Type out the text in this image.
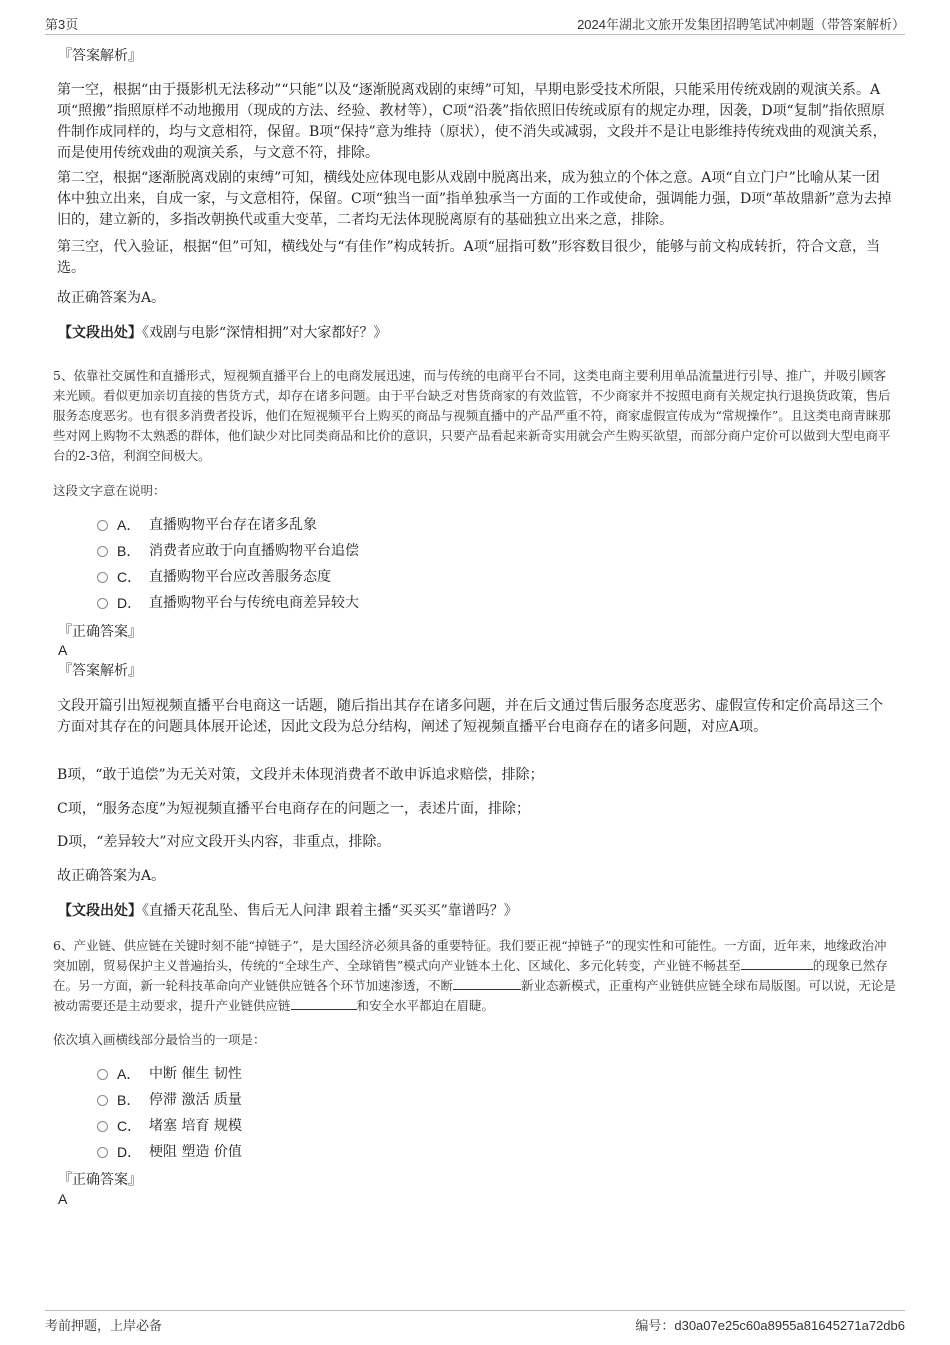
第3页	2024年湖北文旅开发集团招聘笔试冲刺题（带答案解析）
『答案解析』

第一空，根据“由于摄影机无法移动”“只能”以及“逐渐脱离戏剧的束缚”可知，早期电影受技术所限，只能采用传统戏剧的观演关系。A项“照搬”指照原样不动地搬用（现成的方法、经验、教材等），C项“沿袭”指依照旧传统或原有的规定办理，因袭，D项“复制”指依照原件制作成同样的，均与文意相符，保留。B项“保持”意为维持（原状），使不消失或减弱，文段并不是让电影维持传统戏曲的观演关系，而是使用传统戏曲的观演关系，与文意不符，排除。

第二空，根据“逐渐脱离戏剧的束缚”可知，横线处应体现电影从戏剧中脱离出来，成为独立的个体之意。A项“自立门户”比喻从某一团体中独立出来，自成一家，与文意相符，保留。C项“独当一面”指单独承当一方面的工作或使命，强调能力强，D项“革故鼎新”意为去掉旧的，建立新的，多指改朝换代或重大变革，二者均无法体现脱离原有的基础独立出来之意，排除。

第三空，代入验证，根据“但”可知，横线处与“有佳作”构成转折。A项“屈指可数”形容数目很少，能够与前文构成转折，符合文意，当选。

故正确答案为A。

【文段出处】《戏剧与电影“深情相拥”对大家都好？》

5、依靠社交属性和直播形式，短视频直播平台上的电商发展迅速，而与传统的电商平台不同，这类电商主要利用单品流量进行引导、推广，并吸引顾客来光顾。看似更加亲切直接的售货方式，却存在诸多问题。由于平台缺乏对售货商家的有效监管，不少商家并不按照电商有关规定执行退换货政策，售后服务态度恶劣。也有很多消费者投诉，他们在短视频平台上购买的商品与视频直播中的产品严重不符，商家虚假宣传成为“常规操作”。且这类电商青睐那些对网上购物不太熟悉的群体，他们缺少对比同类商品和比价的意识，只要产品看起来新奇实用就会产生购买欲望，而部分商户定价可以做到大型电商平台的2-3倍，利润空间极大。

这段文字意在说明：

A． 直播购物平台存在诸多乱象
B． 消费者应敢于向直播购物平台追偿
C． 直播购物平台应改善服务态度
D． 直播购物平台与传统电商差异较大
『正确答案』
A
『答案解析』

文段开篇引出短视频直播平台电商这一话题，随后指出其存在诸多问题，并在后文通过售后服务态度恶劣、虚假宣传和定价高昂这三个方面对其存在的问题具体展开论述，因此文段为总分结构，阐述了短视频直播平台电商存在的诸多问题，对应A项。

B项，“敢于追偿”为无关对策，文段并未体现消费者不敢申诉追求赔偿，排除；

C项，“服务态度”为短视频直播平台电商存在的问题之一，表述片面，排除；

D项，“差异较大”对应文段开头内容，非重点，排除。

故正确答案为A。

【文段出处】《直播天花乱坠、售后无人问津 跟着主播“买买买”靠谱吗？》

6、产业链、供应链在关键时刻不能“掉链子”，是大国经济必须具备的重要特征。我们要正视“掉链子”的现实性和可能性。一方面，近年来，地缘政治冲突加剧，贸易保护主义普遍抬头，传统的“全球生产、全球销售”模式向产业链本土化、区域化、多元化转变，产业链不畅甚至	的现象已然存在。另一方面，新一轮科技革命向产业链供应链各个环节加速渗透，不断	新业态新模式，正重构产业链供应链全球布局版图。可以说，无论是被动需要还是主动要求，提升产业链供应链	和安全水平都迫在眉睫。

依次填入画横线部分最恰当的一项是：

A． 中断 催生 韧性
B． 停滞 激活 质量
C． 堵塞 培育 规模
D． 梗阻 塑造 价值
『正确答案』
A
考前押题，上岸必备	编号：d30a07e25c60a8955a81645271a72db6
